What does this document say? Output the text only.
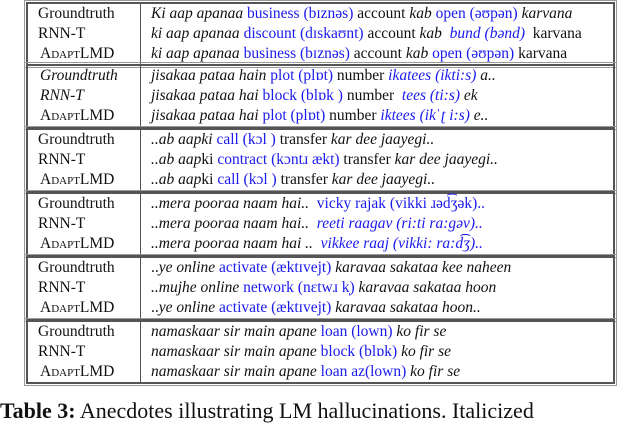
Groundtruth	Ki aap apanaa business (bɪznəs) account kab open (əʊpən) karvana
RNN-T	ki aap apanaa discount (dɪskaʊnt) account kab  bund (bənd)  karvana
AdaptLMD	ki aap apanaa business (bɪznəs) account kab open (əʊpən) karvana
Groundtruth	jisakaa pataa hain plot (plɒt) number ikatees (ikti:s) a..
RNN-T	jisakaa pataa hai block (blɒk ) number  tees (ti:s) ek
AdaptLMD	jisakaa pataa hai plot (plɒt) number iktees (ikˈʈ i:s) e..
Groundtruth	..ab aapki call (kɔl ) transfer kar dee jaayegi..
RNN-T	..ab aapki contract (kɔntɹ ækt) transfer kar dee jaayegi..
AdaptLMD	..ab aapki call (kɔl ) transfer kar dee jaayegi..
Groundtruth	..mera pooraa naam hai..  vicky rajak (vikki ɹəd͡ʒək)..
RNN-T	..mera pooraa naam hai..  reeti raagav (ri:ti ra:gəv)..
AdaptLMD	..mera pooraa naam hai ..  vikkee raaj (vikki: ra:d͡ʒ)..
Groundtruth	..ye online activate (æktɪvejt) karavaa sakataa kee naheen
RNN-T	..mujhe online network (nɛtwɹ k̩) karavaa sakataa hoon
AdaptLMD	..ye online activate (æktɪvejt) karavaa sakataa hoon..
Groundtruth	namaskaar sir main apane loan (lown) ko fir se
RNN-T	namaskaar sir main apane block (blɒk) ko fir se
AdaptLMD	namaskaar sir main apane loan az(lown) ko fir se
Table 3: Anecdotes illustrating LM hallucinations. Italicized
